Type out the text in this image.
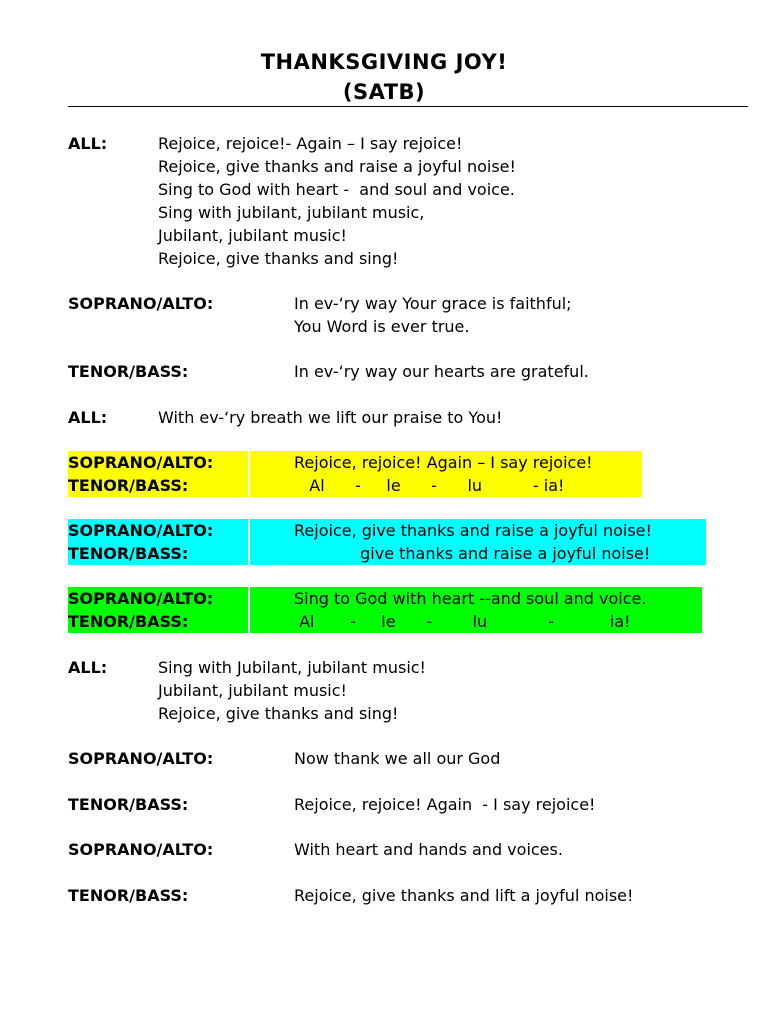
THANKSGIVING JOY!
(SATB)
ALL:	Rejoice, rejoice!- Again – I say rejoice!
Rejoice, give thanks and raise a joyful noise!
Sing to God with heart -  and soul and voice.
Sing with jubilant, jubilant music,
Jubilant, jubilant music!
Rejoice, give thanks and sing!
SOPRANO/ALTO:	In ev-‘ry way Your grace is faithful;
You Word is ever true.
TENOR/BASS:	In ev-‘ry way our hearts are grateful.
ALL:	With ev-‘ry breath we lift our praise to You!
SOPRANO/ALTO:	Rejoice, rejoice! Again – I say rejoice!
TENOR/BASS:	Al      -     le      -      lu          - ia!
SOPRANO/ALTO:	Rejoice, give thanks and raise a joyful noise!
TENOR/BASS:	give thanks and raise a joyful noise!
SOPRANO/ALTO:	Sing to God with heart --and soul and voice.
TENOR/BASS:	Al       -     le      -        lu            -           ia!
ALL:	Sing with Jubilant, jubilant music!
Jubilant, jubilant music!
Rejoice, give thanks and sing!
SOPRANO/ALTO:	Now thank we all our God
TENOR/BASS:	Rejoice, rejoice! Again  - I say rejoice!
SOPRANO/ALTO:	With heart and hands and voices.
TENOR/BASS:	Rejoice, give thanks and lift a joyful noise!
